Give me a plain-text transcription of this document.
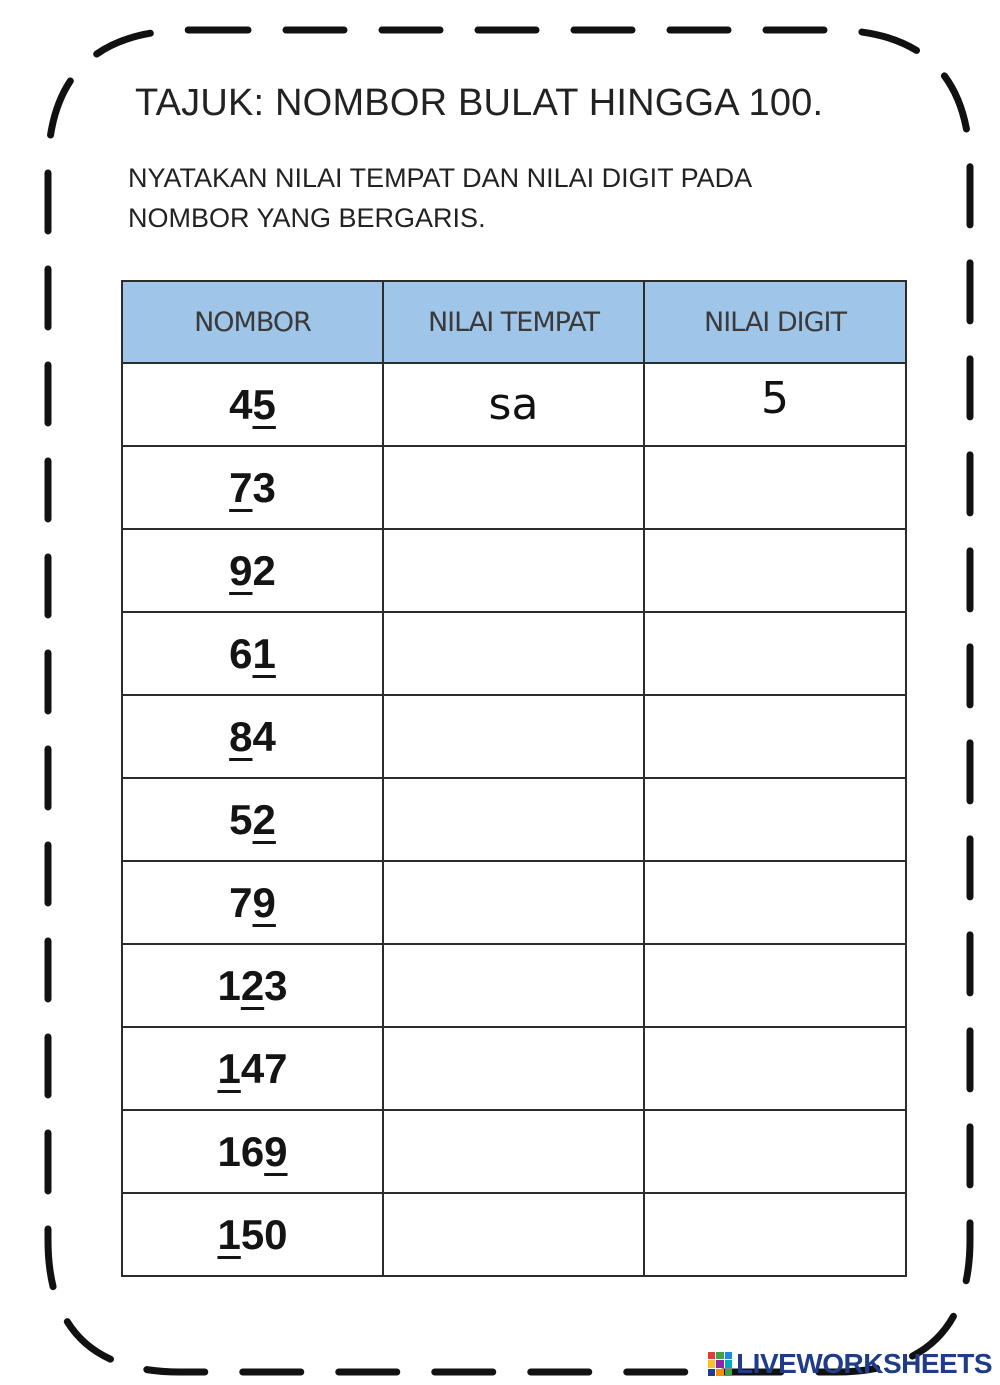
TAJUK: NOMBOR BULAT HINGGA 100.
NYATAKAN NILAI TEMPAT DAN NILAI DIGIT PADA
NOMBOR YANG BERGARIS.
NOMBOR	NILAI TEMPAT	NILAI DIGIT
45	sa	5
73		
92		
61		
84		
52		
79		
123		
147		
169		
150		
LIVEWORKSHEETS
